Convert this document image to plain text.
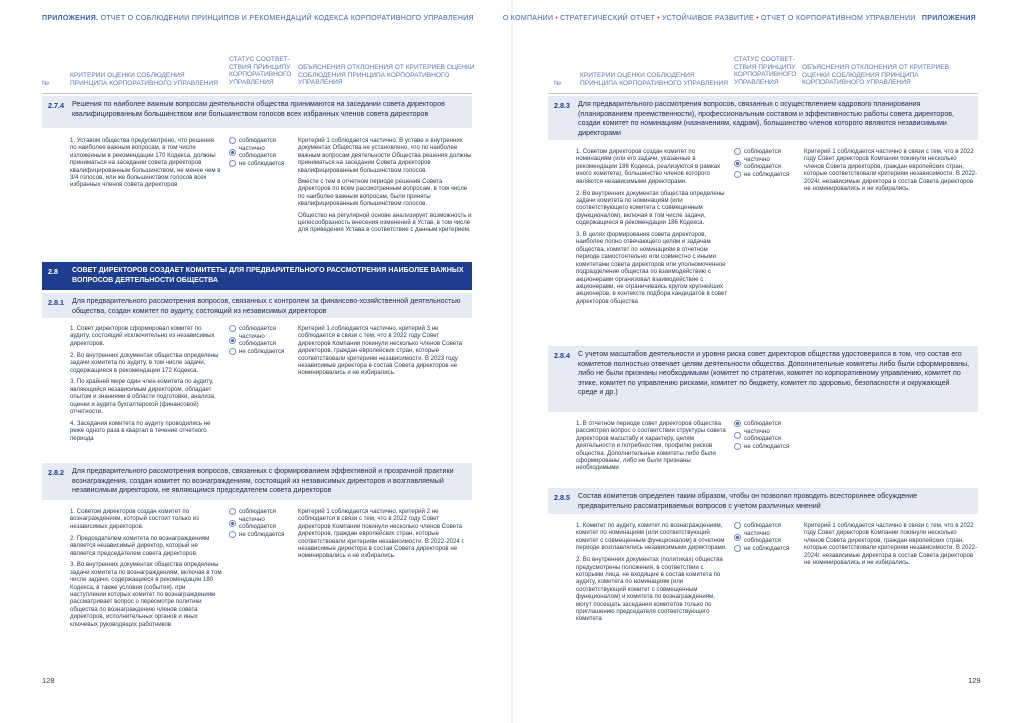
ПРИЛОЖЕНИЯ. ОТЧЕТ О СОБЛЮДЕНИИ ПРИНЦИПОВ И РЕКОМЕНДАЦИЙ КОДЕКСА КОРПОРАТИВНОГО УПРАВЛЕНИЯ
№
КРИТЕРИИ ОЦЕНКИ СОБЛЮДЕНИЯ ПРИНЦИПА КОРПОРАТИВНОГО УПРАВЛЕНИЯ
СТАТУС СООТВЕТ-СТВИЯ ПРИНЦИПУ КОРПОРАТИВНОГО УПРАВЛЕНИЯ
ОБЪЯСНЕНИЯ ОТКЛОНЕНИЯ ОТ КРИТЕРИЕВ ОЦЕНКИ СОБЛЮДЕНИЯ ПРИНЦИПА КОРПОРАТИВНОГО УПРАВЛЕНИЯ
2.7.4 Решения по наиболее важным вопросам деятельности общества принимаются на заседании совета директоров квалифицированным большинством или большинством голосов всех избранных членов совета директоров

1. Уставом общества предусмотрено, что решения по наиболее важным вопросам, в том числе изложенным в рекомендации 170 Кодекса, должны приниматься на заседании совета директоров квалифицированным большинством, не менее чем в 3/4 голосов, или же большинством голосов всех избранных членов совета директоров

соблюдается
частично соблюдается
не соблюдается

Критерий 1 соблюдается частично. В уставе и внутренних документах Общества не установлено, что по наиболее важным вопросам деятельности Общества решения должны приниматься на заседании Совета директоров квалифицированным большинством голосов.

Вместе с тем в отчетном периоде решения Совета директоров по всем рассмотренным вопросам, в том числе по наиболее важным вопросам, были приняты квалифицированным большинством голосов.

Общество на регулярной основе анализирует возможность и целесообразность внесения изменений в Устав, в том числе для приведения Устава в соответствие с данным критерием.

2.8 СОВЕТ ДИРЕКТОРОВ СОЗДАЕТ КОМИТЕТЫ ДЛЯ ПРЕДВАРИТЕЛЬНОГО РАССМОТРЕНИЯ НАИБОЛЕЕ ВАЖНЫХ ВОПРОСОВ ДЕЯТЕЛЬНОСТИ ОБЩЕСТВА
2.8.1 Для предварительного рассмотрения вопросов, связанных с контролем за финансово-хозяйственной деятельностью общества, создан комитет по аудиту, состоящий из независимых директоров

1. Совет директоров сформировал комитет по аудиту, состоящий исключительно из независимых директоров.

2. Во внутренних документах общества определены задачи комитета по аудиту, в том числе задачи, содержащиеся в рекомендации 172 Кодекса.

3. По крайней мере один член комитета по аудиту, являющийся независимым директором, обладает опытом и знаниями в области подготовки, анализа, оценки и аудита бухгалтерской (финансовой) отчетности.

4. Заседания комитета по аудиту проводились не реже одного раза в квартал в течение отчетного периода

соблюдается
частично соблюдается
не соблюдается

Критерий 1 соблюдается частично, критерий 3 не соблюдается в связи с тем, что в 2022 году Совет директоров Компании покинули несколько членов Совета директоров, граждан европейских стран, которые соответствовали критериям независимости. В 2023 году независимые директора в состав Совета директоров не номинировались и не избирались.

2.8.2 Для предварительного рассмотрения вопросов, связанных с формированием эффективной и прозрачной практики вознаграждения, создан комитет по вознаграждениям, состоящий из независимых директоров и возглавляемый независимым директором, не являющимся председателем совета директоров

1. Советом директоров создан комитет по вознаграждениям, который состоит только из независимых директоров.

2. Председателем комитета по вознаграждениям является независимый директор, который не является председателем совета директоров.

3. Во внутренних документах общества определены задачи комитета по вознаграждениям, включая в том числе задачи, содержащиеся в рекомендации 180 Кодекса, в также условия (события), при наступлении которых комитет по вознаграждениям рассматривает вопрос о пересмотре политики общества по вознаграждению членов совета директоров, исполнительных органов и иных ключевых руководящих работников

соблюдается
частично соблюдается
не соблюдается

Критерий 1 соблюдается частично, критерий 2 не соблюдается в связи с тем, что в 2022 году Совет директоров Компании покинули несколько членов Совета директоров, граждан европейских стран, которые соответствовали критериям независимости. В 2022-2024 г. независимые директора в состав Совета директоров не номинировались и не избирались.

128
О КОМПАНИИ • СТРАТЕГИЧЕСКИЙ ОТЧЕТ • УСТОЙЧИВОЕ РАЗВИТИЕ • ОТЧЕТ О КОРПОРАТИВНОМ УПРАВЛЕНИИ ПРИЛОЖЕНИЯ
№
КРИТЕРИИ ОЦЕНКИ СОБЛЮДЕНИЯ ПРИНЦИПА КОРПОРАТИВНОГО УПРАВЛЕНИЯ
СТАТУС СООТВЕТ-СТВИЯ ПРИНЦИПУ КОРПОРАТИВНОГО УПРАВЛЕНИЯ
ОБЪЯСНЕНИЯ ОТКЛОНЕНИЯ ОТ КРИТЕРИЕВ ОЦЕНКИ СОБЛЮДЕНИЯ ПРИНЦИПА КОРПОРАТИВНОГО УПРАВЛЕНИЯ
2.8.3 Для предварительного рассмотрения вопросов, связанных с осуществлением кадрового планирования (планированием преемственности), профессиональным составом и эффективностью работы совета директоров, создан комитет по номинациям (назначениям, кадрам), большинство членов которого являются независимыми директорами

1. Советом директоров создан комитет по номинациям (или его задачи, указанные в рекомендации 186 Кодекса, реализуются в рамках иного комитета), большинство членов которого являются независимыми директорами.

2. Во внутренних документах общества определены задачи комитета по номинациям (или соответствующего комитета с совмещенным функционалом), включая в том числе задачи, содержащиеся в рекомендации 186 Кодекса.

3. В целях формирования совета директоров, наиболее полно отвечающего целям и задачам общества, комитет по номинациям в отчетном периоде самостоятельно или совместно с иными комитетами совета директоров или уполномоченное подразделение общества по взаимодействию с акционерами организовал взаимодействие с акционерами, не ограничиваясь кругом крупнейших акционеров, в контексте подбора кандидатов в совет директоров общества

соблюдается
частично соблюдается
не соблюдается

Критерий 1 соблюдается частично в связи с тем, что в 2022 году Совет директоров Компании покинули несколько членов Совета директоров, граждан европейских стран, которые соответствовали критериям независимости. В 2022-2024г. независимые директора в состав Совета директоров не номинировались и не избирались.

2.8.4 С учетом масштабов деятельности и уровня риска совет директоров общества удостоверился в том, что состав его комитетов полностью отвечает целям деятельности общества. Дополнительные комитеты либо были сформированы, либо не были признаны необходимыми (комитет по стратегии, комитет по корпоративному управлению, комитет по этике, комитет по управлению рисками, комитет по бюджету, комитет по здоровью, безопасности и окружающей среде и др.)

1. В отчетном периоде совет директоров общества рассмотрел вопрос о соответствии структуры совета директоров масштабу и характеру, целям деятельности и потребностям, профилю рисков общества. Дополнительные комитеты либо были сформированы, либо не были признаны необходимыми

соблюдается
частично соблюдается
не соблюдается
2.8.5 Состав комитетов определен таким образом, чтобы он позволял проводить всестороннее обсуждение предварительно рассматриваемых вопросов с учетом различных мнений

1. Комитет по аудиту, комитет по вознаграждениям, комитет по номинациям (или соответствующий комитет с совмещенным функционалом) в отчетном периоде возглавлялись независимыми директорами.

2. Во внутренних документах (политиках) общества предусмотрены положения, в соответствии с которыми лица, не входящие в состав комитета по аудиту, комитета по номинациям (или соответствующий комитет с совмещенным функционалом) и комитета по вознаграждениям, могут посещать заседания комитетов только по приглашению председателя соответствующего комитета

соблюдается
частично соблюдается
не соблюдается

Критерий 1 соблюдается частично в связи с тем, что в 2022 году Совет директоров Компании покинули несколько членов Совета директоров, граждан европейских стран, которые соответствовали критериям независимости. В 2022-2024г. независимые директора в состав Совета директоров не номинировались и не избирались.

129
